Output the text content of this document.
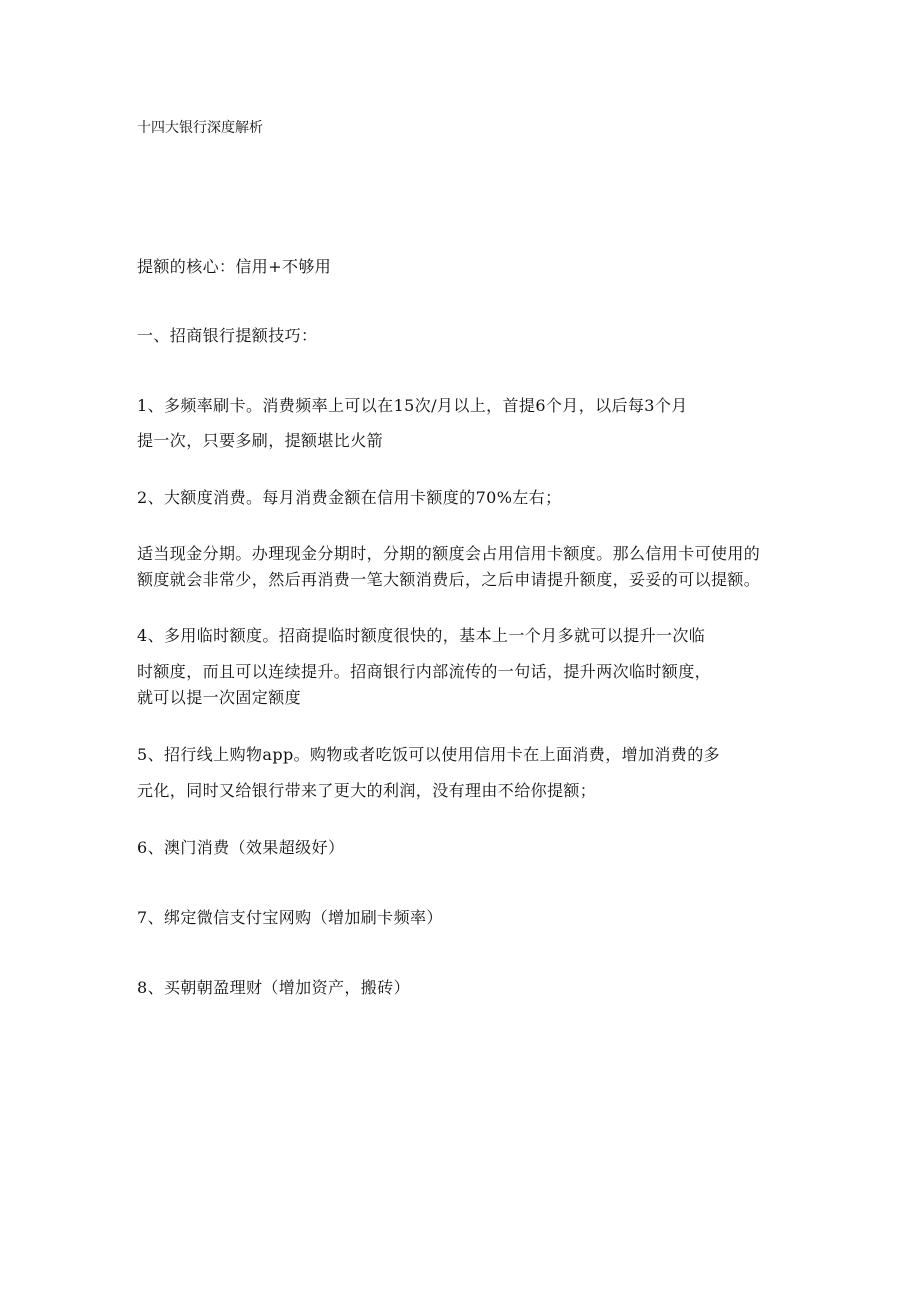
十四大银行深度解析
提额的核心：信用+不够用
一、招商银行提额技巧：
1、多频率刷卡。消费频率上可以在15次/月以上，首提6个月，以后每3个月
提一次，只要多刷，提额堪比火箭
2、大额度消费。每月消费金额在信用卡额度的70%左右；
适当现金分期。办理现金分期时，分期的额度会占用信用卡额度。那么信用卡可使用的
额度就会非常少，然后再消费一笔大额消费后，之后申请提升额度，妥妥的可以提额。
4、多用临时额度。招商提临时额度很快的，基本上一个月多就可以提升一次临
时额度，而且可以连续提升。招商银行内部流传的一句话，提升两次临时额度，
就可以提一次固定额度
5、招行线上购物app。购物或者吃饭可以使用信用卡在上面消费，增加消费的多
元化，同时又给银行带来了更大的利润，没有理由不给你提额；
6、澳门消费（效果超级好）
7、绑定微信支付宝网购（增加刷卡频率）
8、买朝朝盈理财（增加资产，搬砖）
